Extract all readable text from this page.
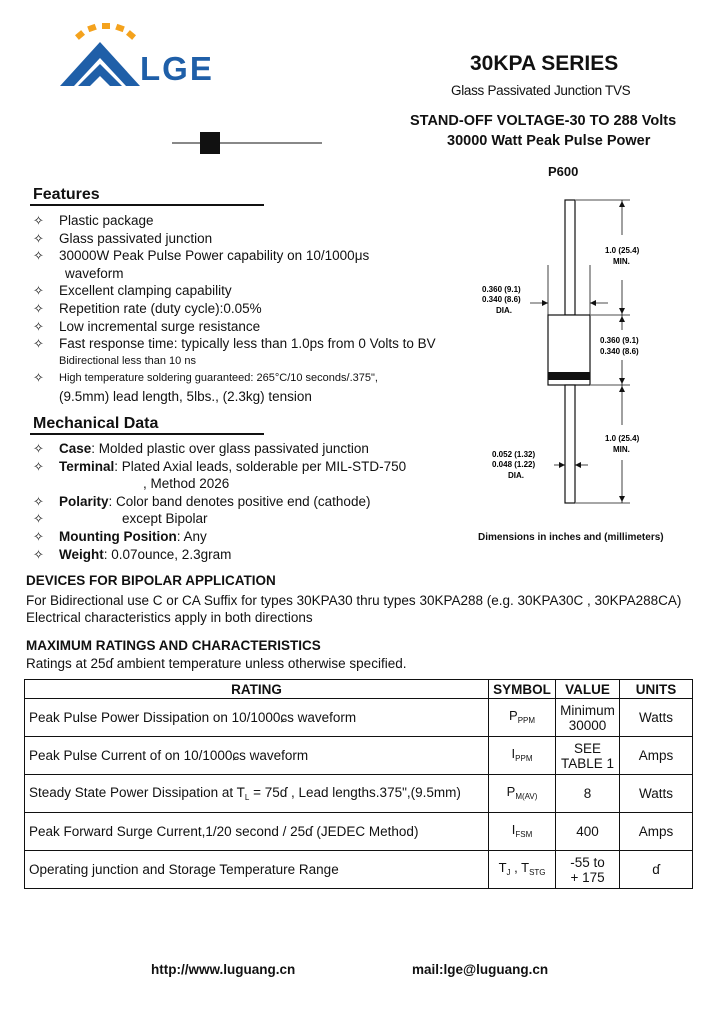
LGE	30KPA SERIES
Glass Passivated Junction TVS
STAND-OFF VOLTAGE-30 TO 288 Volts
30000 Watt Peak Pulse Power
P600
Features
✧	Plastic package
✧	Glass passivated junction
✧	30000W Peak Pulse Power capability on 10/1000μs
waveform
✧	Excellent clamping capability
✧	Repetition rate (duty cycle):0.05%
✧	Low incremental surge resistance
✧	Fast response time: typically less than 1.0ps from 0 Volts to BV
Bidirectional less than 10 ns
✧	High temperature soldering guaranteed: 265°C/10 seconds/.375",
(9.5mm) lead length, 5lbs., (2.3kg) tension
Mechanical Data
✧	Case: Molded plastic over glass passivated junction
✧	Terminal: Plated Axial leads, solderable per MIL-STD-750
, Method 2026
✧	Polarity: Color band denotes positive end (cathode)
✧	except Bipolar
✧	Mounting Position: Any
✧	Weight: 0.07ounce, 2.3gram
1.0 (25.4)
MIN.
0.360 (9.1)
0.340 (8.6)
DIA.
0.360 (9.1)
0.340 (8.6)
1.0 (25.4)
MIN.
0.052 (1.32)
0.048 (1.22)
DIA.
Dimensions in inches and (millimeters)
DEVICES FOR BIPOLAR APPLICATION
For Bidirectional use C or CA Suffix for types 30KPA30 thru types 30KPA288 (e.g. 30KPA30C , 30KPA288CA)
Electrical characteristics apply in both directions
MAXIMUM RATINGS AND CHARACTERISTICS
Ratings at 25ɗ ambient temperature unless otherwise specified.
RATING	SYMBOL	VALUE	UNITS
Peak Pulse Power Dissipation on 10/1000ɕs waveform	$P_{PPM}$	Minimum
30000	Watts
Peak Pulse Current of on 10/1000ɕs waveform	$I_{PPM}$	SEE
TABLE 1	Amps
Steady State Power Dissipation at $T_L$ = 75ɗ , Lead lengths.375",(9.5mm)	$P_{M(AV)}$	8	Watts
Peak Forward Surge Current,1/20 second / 25ɗ (JEDEC Method)	$I_{FSM}$	400	Amps
Operating junction and Storage Temperature Range	$T_J$ , $T_{STG}$	-55 to
+ 175	ɗ
http://www.luguang.cn	mail:lge@luguang.cn
